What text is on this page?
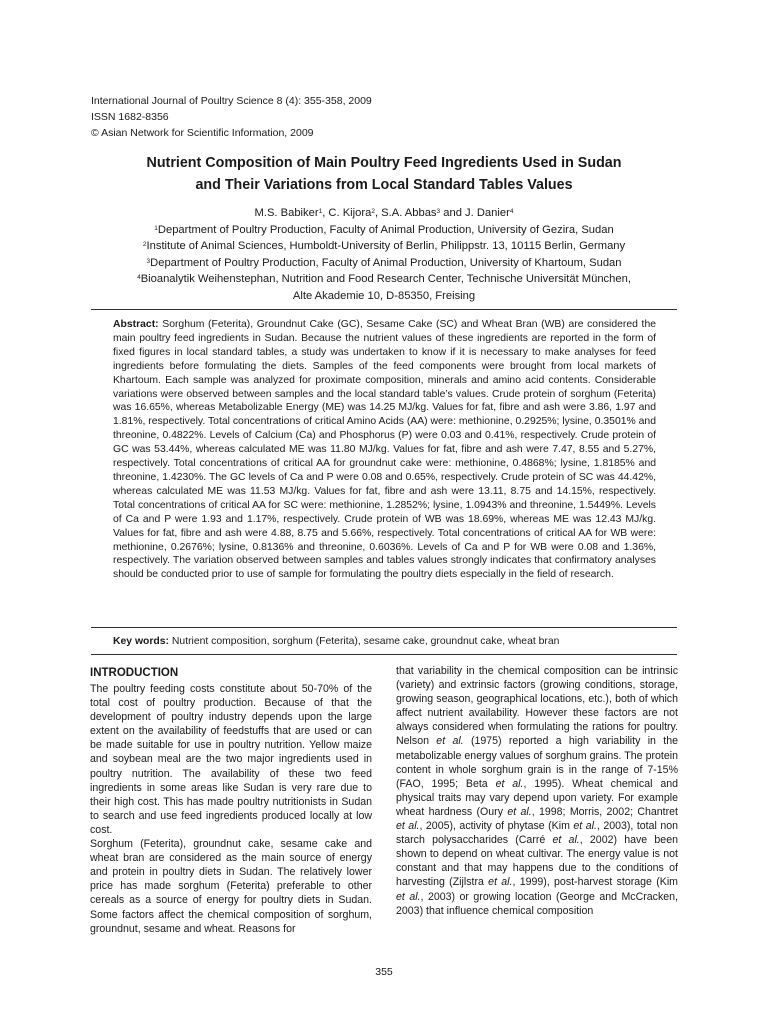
International Journal of Poultry Science 8 (4): 355-358, 2009
ISSN 1682-8356
© Asian Network for Scientific Information, 2009
Nutrient Composition of Main Poultry Feed Ingredients Used in Sudan
and Their Variations from Local Standard Tables Values
M.S. Babiker$^1$, C. Kijora$^2$, S.A. Abbas$^3$ and J. Danier$^4$
$^1$Department of Poultry Production, Faculty of Animal Production, University of Gezira, Sudan
$^2$Institute of Animal Sciences, Humboldt-University of Berlin, Philippstr. 13, 10115 Berlin, Germany
$^3$Department of Poultry Production, Faculty of Animal Production, University of Khartoum, Sudan
$^4$Bioanalytik Weihenstephan, Nutrition and Food Research Center, Technische Universität München,
Alte Akademie 10, D-85350, Freising
Abstract: Sorghum (Feterita), Groundnut Cake (GC), Sesame Cake (SC) and Wheat Bran (WB) are considered the main poultry feed ingredients in Sudan. Because the nutrient values of these ingredients are reported in the form of fixed figures in local standard tables, a study was undertaken to know if it is necessary to make analyses for feed ingredients before formulating the diets. Samples of the feed components were brought from local markets of Khartoum. Each sample was analyzed for proximate composition, minerals and amino acid contents. Considerable variations were observed between samples and the local standard table’s values. Crude protein of sorghum (Feterita) was 16.65%, whereas Metabolizable Energy (ME) was 14.25 MJ/kg. Values for fat, fibre and ash were 3.86, 1.97 and 1.81%, respectively. Total concentrations of critical Amino Acids (AA) were: methionine, 0.2925%; lysine, 0.3501% and threonine, 0.4822%. Levels of Calcium (Ca) and Phosphorus (P) were 0.03 and 0.41%, respectively. Crude protein of GC was 53.44%, whereas calculated ME was 11.80 MJ/kg. Values for fat, fibre and ash were 7.47, 8.55 and 5.27%, respectively. Total concentrations of critical AA for groundnut cake were: methionine, 0.4868%; lysine, 1.8185% and threonine, 1.4230%. The GC levels of Ca and P were 0.08 and 0.65%, respectively. Crude protein of SC was 44.42%, whereas calculated ME was 11.53 MJ/kg. Values for fat, fibre and ash were 13.11, 8.75 and 14.15%, respectively. Total concentrations of critical AA for SC were: methionine, 1.2852%; lysine, 1.0943% and threonine, 1.5449%. Levels of Ca and P were 1.93 and 1.17%, respectively. Crude protein of WB was 18.69%, whereas ME was 12.43 MJ/kg. Values for fat, fibre and ash were 4.88, 8.75 and 5.66%, respectively. Total concentrations of critical AA for WB were: methionine, 0.2676%; lysine, 0.8136% and threonine, 0.6036%. Levels of Ca and P for WB were 0.08 and 1.36%, respectively. The variation observed between samples and tables values strongly indicates that confirmatory analyses should be conducted prior to use of sample for formulating the poultry diets especially in the field of research.
Key words: Nutrient composition, sorghum (Feterita), sesame cake, groundnut cake, wheat bran
INTRODUCTION

The poultry feeding costs constitute about 50-70% of the total cost of poultry production. Because of that the development of poultry industry depends upon the large extent on the availability of feedstuffs that are used or can be made suitable for use in poultry nutrition. Yellow maize and soybean meal are the two major ingredients used in poultry nutrition. The availability of these two feed ingredients in some areas like Sudan is very rare due to their high cost. This has made poultry nutritionists in Sudan to search and use feed ingredients produced locally at low cost.

Sorghum (Feterita), groundnut cake, sesame cake and wheat bran are considered as the main source of energy and protein in poultry diets in Sudan. The relatively lower price has made sorghum (Feterita) preferable to other cereals as a source of energy for poultry diets in Sudan. Some factors affect the chemical composition of sorghum, groundnut, sesame and wheat. Reasons for

that variability in the chemical composition can be intrinsic (variety) and extrinsic factors (growing conditions, storage, growing season, geographical locations, etc.), both of which affect nutrient availability. However these factors are not always considered when formulating the rations for poultry. Nelson et al. (1975) reported a high variability in the metabolizable energy values of sorghum grains. The protein content in whole sorghum grain is in the range of 7-15% (FAO, 1995; Beta et al., 1995). Wheat chemical and physical traits may vary depend upon variety. For example wheat hardness (Oury et al., 1998; Morris, 2002; Chantret et al., 2005), activity of phytase (Kim et al., 2003), total non starch polysaccharides (Carré et al., 2002) have been shown to depend on wheat cultivar. The energy value is not constant and that may happens due to the conditions of harvesting (Zijlstra et al., 1999), post-harvest storage (Kim et al., 2003) or growing location (George and McCracken, 2003) that influence chemical composition

355
